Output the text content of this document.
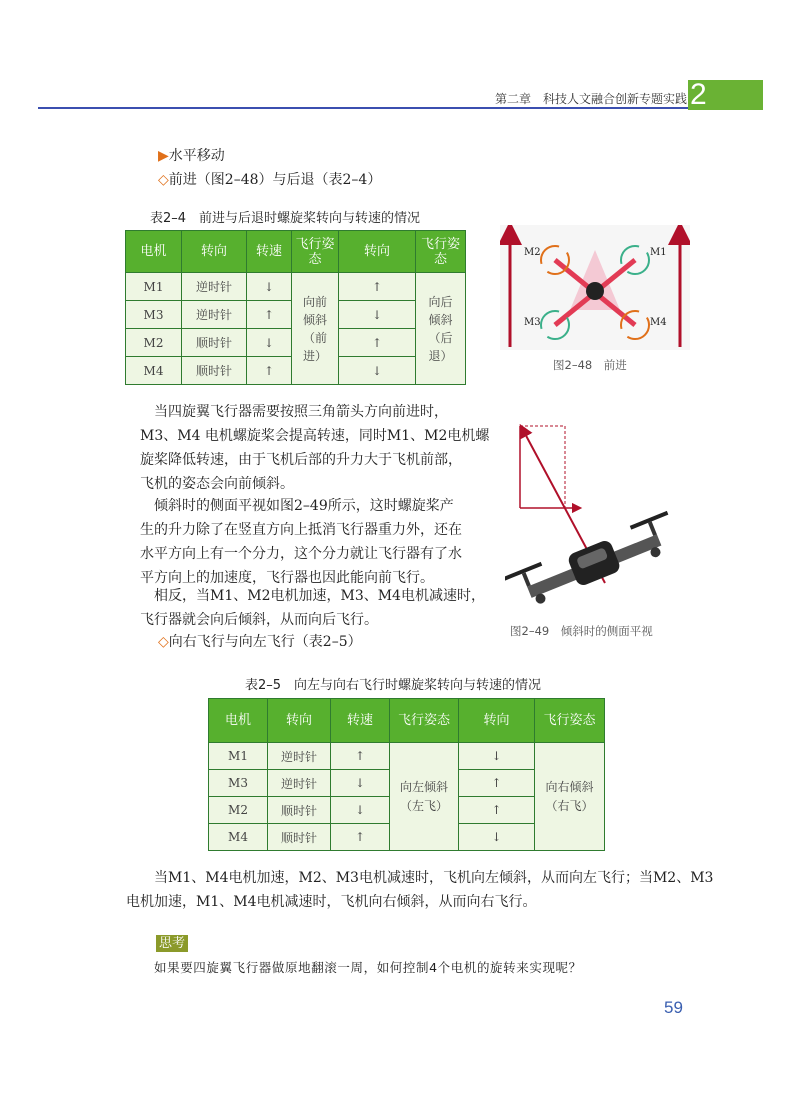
第二章　科技人文融合创新专题实践 2
▶水平移动
◇前进（图2–48）与后退（表2–4）
表2–4　前进与后退时螺旋桨转向与转速的情况
电机	转向	转速	飞行姿态	转向	飞行姿态
M1	逆时针	↓	向前倾斜（前进）	↑	向后倾斜（后退）
M3	逆时针	↑		↓	
M2	顺时针	↓		↑	
M4	顺时针	↑		↓	
M2	M1
M3	M4
图2–48　前进
当四旋翼飞行器需要按照三角箭头方向前进时，
M3、M4 电机螺旋桨会提高转速，同时M1、M2电机螺
旋桨降低转速，由于飞机后部的升力大于飞机前部，
飞机的姿态会向前倾斜。
倾斜时的侧面平视如图2–49所示，这时螺旋桨产
生的升力除了在竖直方向上抵消飞行器重力外，还在
水平方向上有一个分力，这个分力就让飞行器有了水
平方向上的加速度，飞行器也因此能向前飞行。
相反，当M1、M2电机加速，M3、M4电机减速时，
飞行器就会向后倾斜，从而向后飞行。
◇向右飞行与向左飞行（表2–5）
图2–49　倾斜时的侧面平视
表2–5　向左与向右飞行时螺旋桨转向与转速的情况
电机	转向	转速	飞行姿态	转向	飞行姿态
M1	逆时针	↑	向左倾斜（左飞）	↓	向右倾斜（右飞）
M3	逆时针	↓		↑	
M2	顺时针	↓		↑	
M4	顺时针	↑		↓	
当M1、M4电机加速，M2、M3电机减速时，飞机向左倾斜，从而向左飞行；当M2、M3
电机加速，M1、M4电机减速时，飞机向右倾斜，从而向右飞行。
思考
如果要四旋翼飞行器做原地翻滚一周，如何控制4个电机的旋转来实现呢？
59
